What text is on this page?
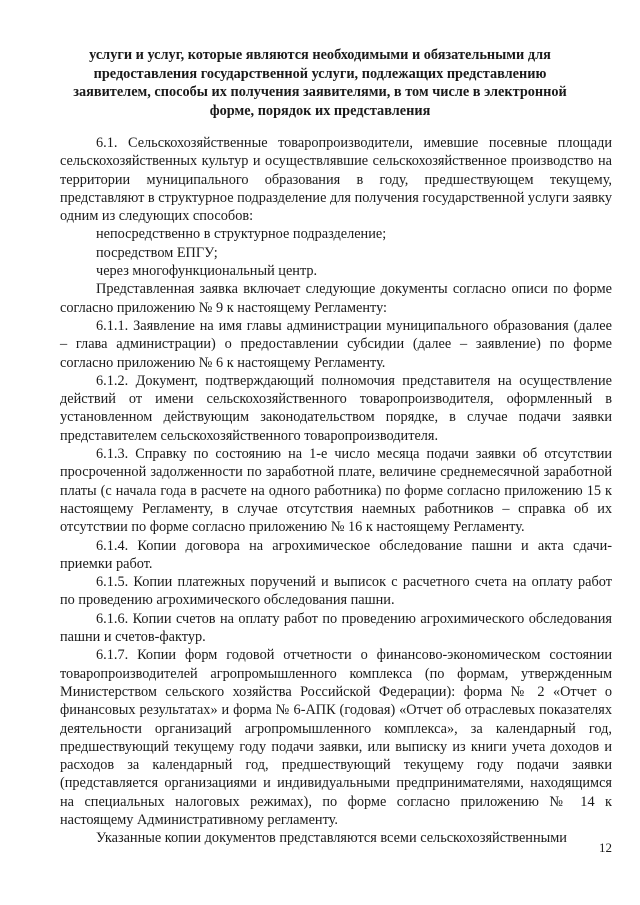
услуги и услуг, которые являются необходимыми и обязательными для
предоставления государственной услуги, подлежащих представлению
заявителем, способы их получения заявителями, в том числе в электронной
форме, порядок их представления

6.1. Сельскохозяйственные товаропроизводители, имевшие посевные площади сельскохозяйственных культур и осуществлявшие сельскохозяйственное производство на территории муниципального образования в году, предшествующем текущему, представляют в структурное подразделение для получения государственной услуги заявку одним из следующих способов:

непосредственно в структурное подразделение;

посредством ЕПГУ;

через многофункциональный центр.

Представленная заявка включает следующие документы согласно описи по форме согласно приложению № 9 к настоящему Регламенту:

6.1.1. Заявление на имя главы администрации муниципального образования (далее – глава администрации) о предоставлении субсидии (далее – заявление) по форме согласно приложению № 6 к настоящему Регламенту.

6.1.2. Документ, подтверждающий полномочия представителя на осуществление действий от имени сельскохозяйственного товаропроизводителя, оформленный в установленном действующим законодательством порядке, в случае подачи заявки представителем сельскохозяйственного товаропроизводителя.

6.1.3. Справку по состоянию на 1-е число месяца подачи заявки об отсутствии просроченной задолженности по заработной плате, величине среднемесячной заработной платы (с начала года в расчете на одного работника) по форме согласно приложению 15 к настоящему Регламенту, в случае отсутствия наемных работников – справка об их отсутствии по форме согласно приложению № 16 к настоящему Регламенту.

6.1.4. Копии договора на агрохимическое обследование пашни и акта сдачи-приемки работ.

6.1.5. Копии платежных поручений и выписок с расчетного счета на оплату работ по проведению агрохимического обследования пашни.

6.1.6. Копии счетов на оплату работ по проведению агрохимического обследования пашни и счетов-фактур.

6.1.7. Копии форм годовой отчетности о финансово-экономическом состоянии товаропроизводителей агропромышленного комплекса (по формам, утвержденным Министерством сельского хозяйства Российской Федерации): форма № 2 «Отчет о финансовых результатах» и форма № 6-АПК (годовая) «Отчет об отраслевых показателях деятельности организаций агропромышленного комплекса», за календарный год, предшествующий текущему году подачи заявки, или выписку из книги учета доходов и расходов за календарный год, предшествующий текущему году подачи заявки (представляется организациями и индивидуальными предпринимателями, находящимся на специальных налоговых режимах), по форме согласно приложению № 14 к настоящему Административному регламенту.

Указанные копии документов представляются всеми сельскохозяйственными

12
